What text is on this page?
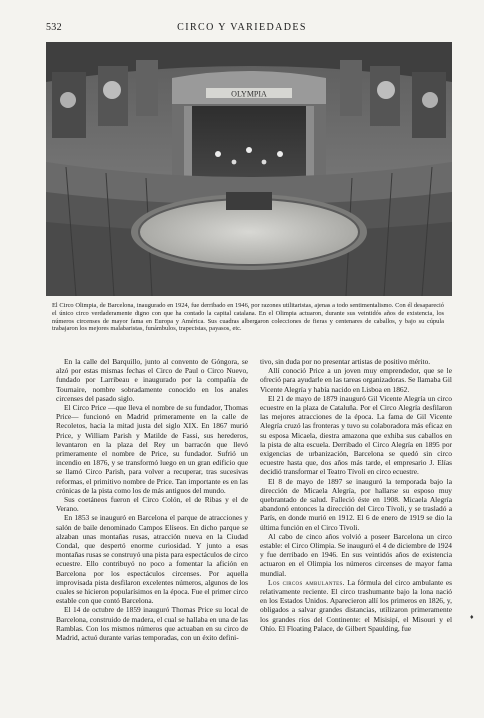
532	CIRCO Y VARIEDADES
OLYMPIA

El Circo Olimpia, de Barcelona, inaugurado en 1924, fue derribado en 1946, por razones utilitaristas, ajenas a todo sentimentalismo. Con él desapareció el único circo verdaderamente digno con que ha contado la capital catalana. En el Olimpia actuaron, durante sus veintidós años de existencia, los números circenses de mayor fama en Europa y América. Sus cuadras albergaron colecciones de fieras y centenares de caballos, y bajo su cúpula trabajaron los mejores malabaristas, funámbulos, trapecistas, payasos, etc.

En la calle del Barquillo, junto al convento de Góngora, se alzó por estas mismas fechas el Circo de Paul o Circo Nuevo, fundado por Larribeau e inaugurado por la compañía de Tournaire, nombre sobradamente conocido en los anales circenses del pasado siglo.

El Circo Price —que lleva el nombre de su fundador, Thomas Price— funcionó en Madrid primeramente en la calle de Recoletos, hacia la mitad justa del siglo XIX. En 1867 murió Price, y William Parish y Matilde de Fassi, sus herederos, levantaron en la plaza del Rey un barracón que llevó primeramente el nombre de Price, su fundador. Sufrió un incendio en 1876, y se transformó luego en un gran edificio que se llamó Circo Parish, para volver a recuperar, tras sucesivas reformas, el primitivo nombre de Price. Tan importante es en las crónicas de la pista como los de más antiguos del mundo.

Sus coetáneos fueron el Circo Colón, el de Ribas y el de Verano.

En 1853 se inauguró en Barcelona el parque de atracciones y salón de baile denominado Campos Elíseos. En dicho parque se alzaban unas montañas rusas, atracción nueva en la Ciudad Condal, que despertó enorme curiosidad. Y junto a esas montañas rusas se construyó una pista para espectáculos de circo ecuestre. Ello contribuyó no poco a fomentar la afición en Barcelona por los espectáculos circenses. Por aquella improvisada pista desfilaron excelentes números, algunos de los cuales se hicieron popularísimos en la época. Fue el primer circo estable con que contó Barcelona.

El 14 de octubre de 1859 inauguró Thomas Price su local de Barcelona, construido de madera, el cual se hallaba en una de las Ramblas. Con los mismos números que actuaban en su circo de Madrid, actuó durante varias temporadas, con un éxito defini-

tivo, sin duda por no presentar artistas de positivo mérito.

Allí conoció Price a un joven muy emprendedor, que se le ofreció para ayudarle en las tareas organizadoras. Se llamaba Gil Vicente Alegría y había nacido en Lisboa en 1862.

El 21 de mayo de 1879 inauguró Gil Vicente Alegría un circo ecuestre en la plaza de Cataluña. Por el Circo Alegría desfilaron las mejores atracciones de la época. La fama de Gil Vicente Alegría cruzó las fronteras y tuvo su colaboradora más eficaz en su esposa Micaela, diestra amazona que exhiba sus caballos en la pista de alta escuela. Derribado el Circo Alegría en 1895 por exigencias de urbanización, Barcelona se quedó sin circo ecuestre hasta que, dos años más tarde, el empresario J. Elías decidió transformar el Teatro Tívoli en circo ecuestre.

El 8 de mayo de 1897 se inauguró la temporada bajo la dirección de Micaela Alegría, por hallarse su esposo muy quebrantado de salud. Falleció éste en 1908. Micaela Alegría abandonó entonces la dirección del Circo Tívoli, y se trasladó a París, en donde murió en 1912. El 6 de enero de 1919 se dio la última función en el Circo Tívoli.

Al cabo de cinco años volvió a poseer Barcelona un circo estable: el Circo Olimpia. Se inauguró el 4 de diciembre de 1924 y fue derribado en 1946. En sus veintidós años de existencia actuaron en el Olimpia los números circenses de mayor fama mundial.

Los circos ambulantes. La fórmula del circo ambulante es relativamente reciente. El circo trashumante bajo la lona nació en los Estados Unidos. Aparecieron allí los primeros en 1826, y, obligados a salvar grandes distancias, utilizaron primeramente los grandes ríos del Continente: el Misisipí, el Misouri y el Ohío. El Floating Palace, de Gilbert Spaulding, fue

♦
